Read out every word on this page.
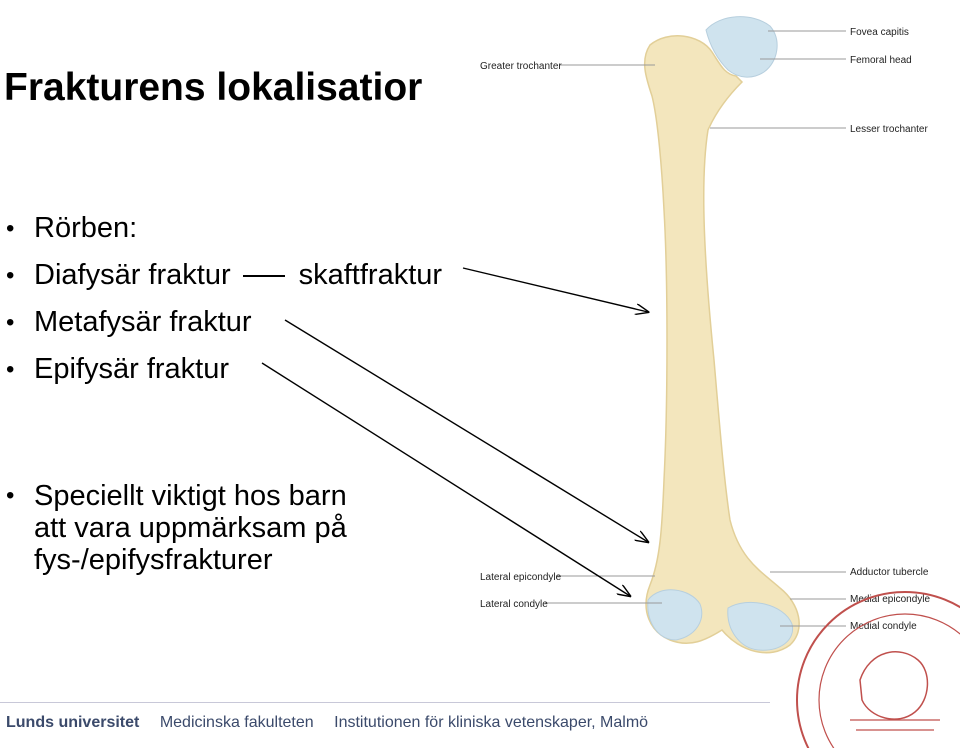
Frakturens lokalisatior
• Rörben:
• Diafysär fraktur skaftfraktur
• Metafysär fraktur
• Epifysär fraktur
• Speciellt viktigt hos barn
att vara uppmärksam på
fys-/epifysfrakturer
Greater trochanter
Fovea capitis
Femoral head
Lesser trochanter
Lateral epicondyle
Lateral condyle
Adductor tubercle
Medial epicondyle
Medial condyle
Lunds universitet Medicinska fakulteten Institutionen för kliniska vetenskaper, Malmö
